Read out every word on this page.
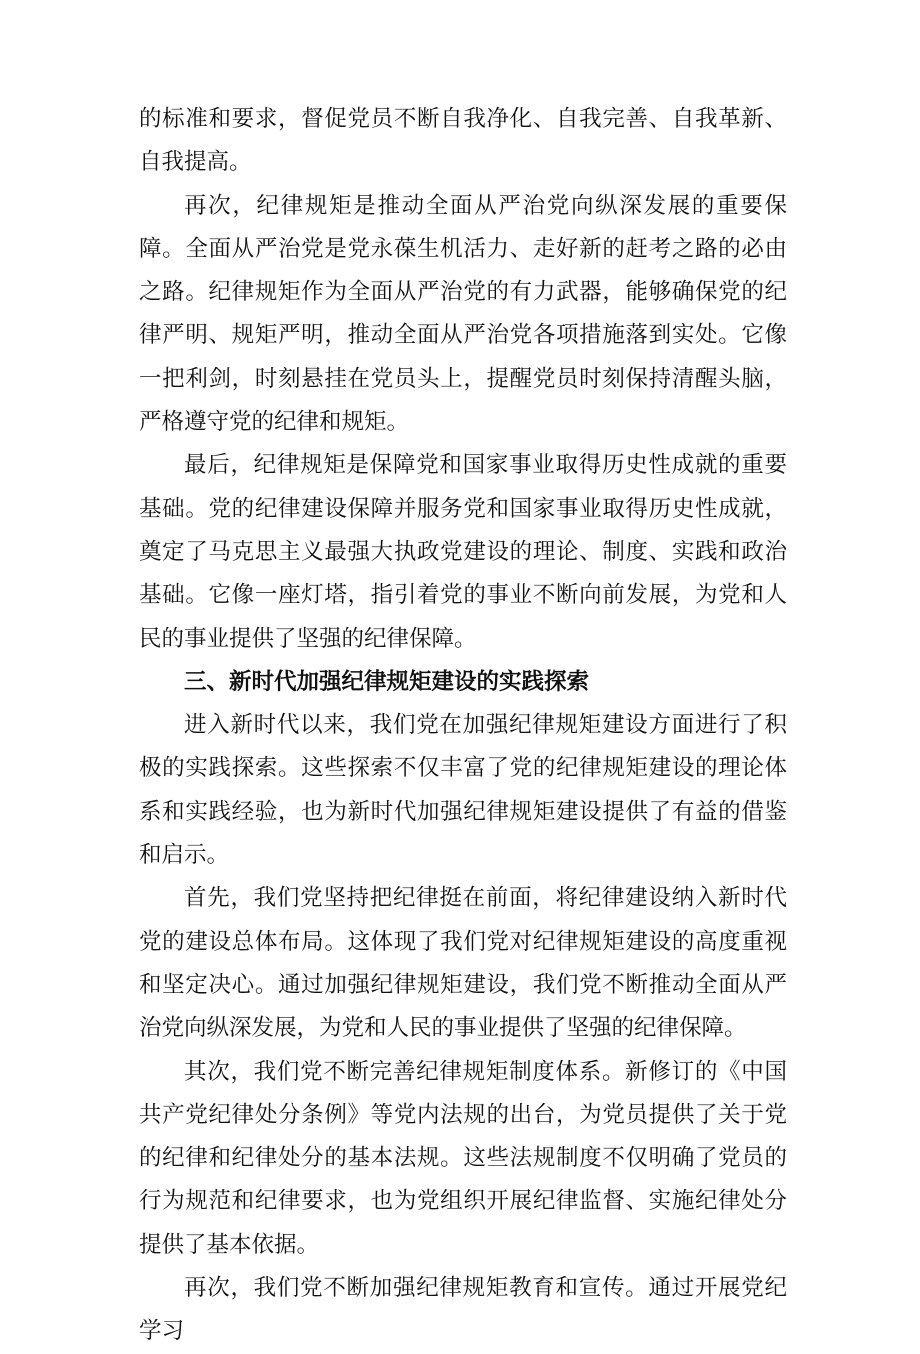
的标准和要求，督促党员不断自我净化、自我完善、自我革新、自我提高。

再次，纪律规矩是推动全面从严治党向纵深发展的重要保障。全面从严治党是党永葆生机活力、走好新的赶考之路的必由之路。纪律规矩作为全面从严治党的有力武器，能够确保党的纪律严明、规矩严明，推动全面从严治党各项措施落到实处。它像一把利剑，时刻悬挂在党员头上，提醒党员时刻保持清醒头脑，严格遵守党的纪律和规矩。

最后，纪律规矩是保障党和国家事业取得历史性成就的重要基础。党的纪律建设保障并服务党和国家事业取得历史性成就，奠定了马克思主义最强大执政党建设的理论、制度、实践和政治基础。它像一座灯塔，指引着党的事业不断向前发展，为党和人民的事业提供了坚强的纪律保障。

三、新时代加强纪律规矩建设的实践探索

进入新时代以来，我们党在加强纪律规矩建设方面进行了积极的实践探索。这些探索不仅丰富了党的纪律规矩建设的理论体系和实践经验，也为新时代加强纪律规矩建设提供了有益的借鉴和启示。

首先，我们党坚持把纪律挺在前面，将纪律建设纳入新时代党的建设总体布局。这体现了我们党对纪律规矩建设的高度重视和坚定决心。通过加强纪律规矩建设，我们党不断推动全面从严治党向纵深发展，为党和人民的事业提供了坚强的纪律保障。

其次，我们党不断完善纪律规矩制度体系。新修订的《中国共产党纪律处分条例》等党内法规的出台，为党员提供了关于党的纪律和纪律处分的基本法规。这些法规制度不仅明确了党员的行为规范和纪律要求，也为党组织开展纪律监督、实施纪律处分提供了基本依据。

再次，我们党不断加强纪律规矩教育和宣传。通过开展党纪学习
